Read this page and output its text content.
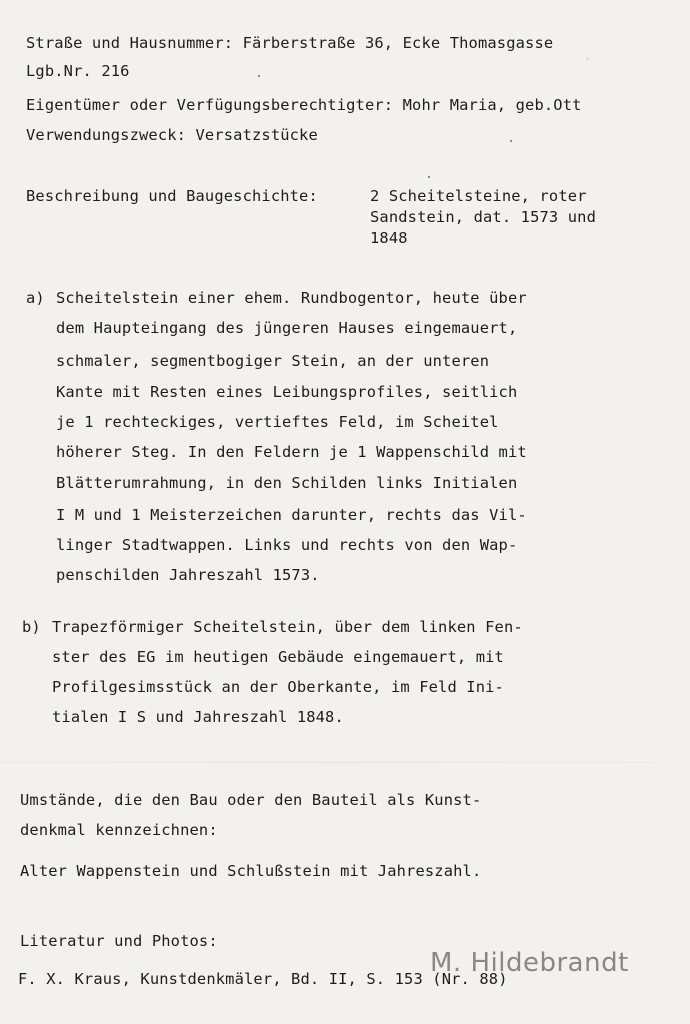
.
Straße und Hausnummer: Färberstraße 36, Ecke Thomasgasse
Lgb.Nr. 216
Eigentümer oder Verfügungsberechtigter: Mohr Maria, geb.Ott
Verwendungszweck: Versatzstücke
Beschreibung und Baugeschichte:	2 Scheitelsteine, roter
Sandstein, dat. 1573 und
1848
a) Scheitelstein einer ehem. Rundbogentor, heute über
dem Haupteingang des jüngeren Hauses eingemauert,
schmaler, segmentbogiger Stein, an der unteren
Kante mit Resten eines Leibungsprofiles, seitlich
je 1 rechteckiges, vertieftes Feld, im Scheitel
höherer Steg. In den Feldern je 1 Wappenschild mit
Blätterumrahmung, in den Schilden links Initialen
I M und 1 Meisterzeichen darunter, rechts das Vil-
linger Stadtwappen. Links und rechts von den Wap-
penschilden Jahreszahl 1573.
b) Trapezförmiger Scheitelstein, über dem linken Fen-
ster des EG im heutigen Gebäude eingemauert, mit
Profilgesimsstück an der Oberkante, im Feld Ini-
tialen I S und Jahreszahl 1848.
Umstände, die den Bau oder den Bauteil als Kunst-
denkmal kennzeichnen:
Alter Wappenstein und Schlußstein mit Jahreszahl.
Literatur und Photos:
F. X. Kraus, Kunstdenkmäler, Bd. II, S. 153 (Nr. 88)
M. Hildebrandt
